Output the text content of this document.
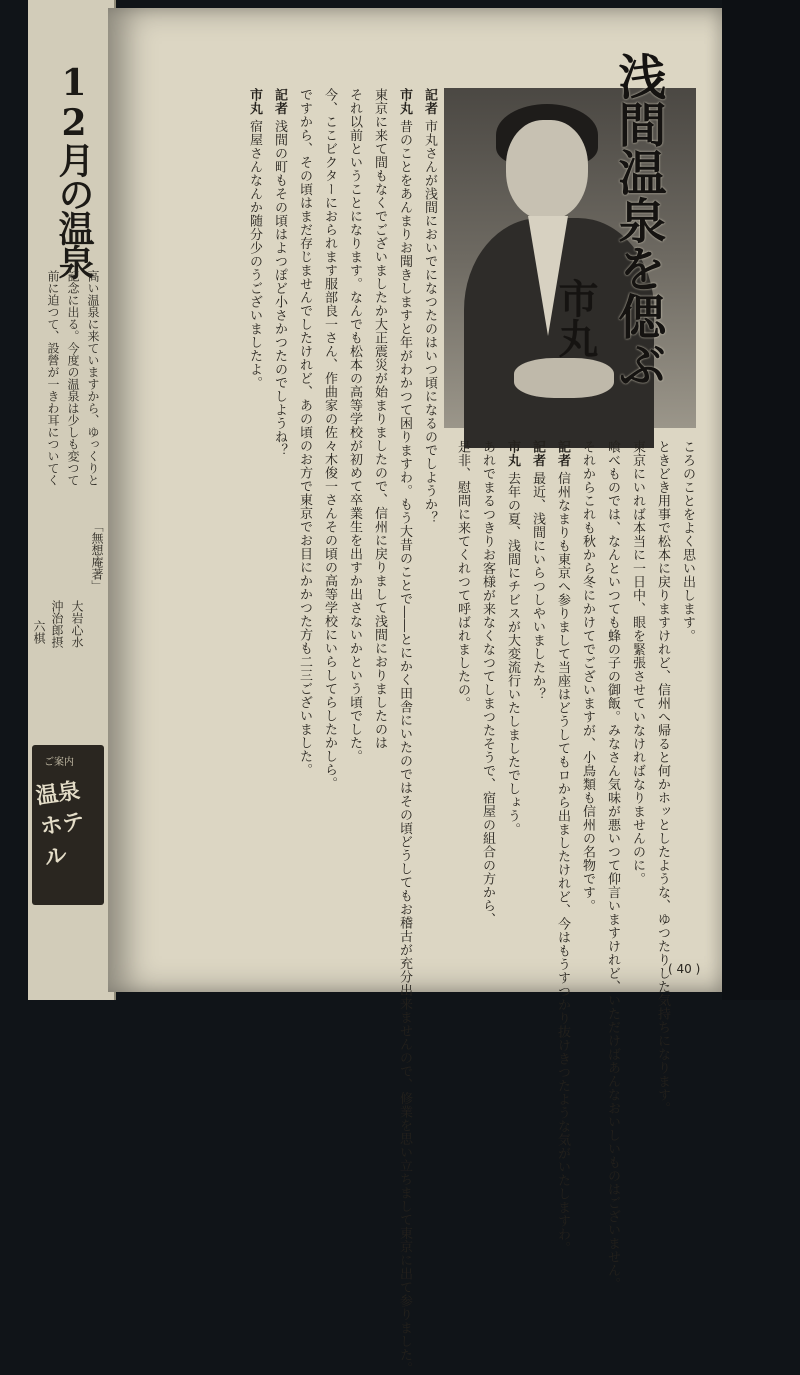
12月の温泉
高い温泉に来ていますから、ゆっくりと
記念に出る。今度の温泉は少しも変つて
前に迫つて、設營が一きわ耳についてく
「無想庵著」
大岩心水
沖治郎摂
六棋
ご案内
温泉ホテル
浅間温泉を偲ぶ
市丸
記者 市丸さんが浅間においでになつたのはいつ頃になるのでしようか？
市丸 昔のことをあんまりお聞きしますと年がわかつて困りますわ。もう大昔のことで――とにかく田舎にいたのではその頃どうしてもお稽古が充分出来ませんので、修業を思い立ちまして東京に出て参りました。
東京に来て間もなくでございましたか大正震災が始まりましたので、信州に戻りまして浅間におりましたのは
それ以前ということになります。なんでも松本の高等学校が初めて卒業生を出すか出さないかという頃でした。
今、ここビクターにおられます服部良一さん、作曲家の佐々木俊一さんその頃の高等学校にいらしてらしたかしら。
ですから、その頃はまだ存じませんでしたけれど、あの頃のお方で東京でお目にかかつた方も二三ございました。
記者 浅間の町もその頃はよつぽど小さかつたのでしようね？
市丸 宿屋さんなんか随分少のうございましたよ。
ころのことをよく思い出します。
ときどき用事で松本に戻りますけれど、信州へ帰ると何かホッとしたような、ゆつたりした気持ちになります。
東京にいれば本当に一日中、眼を緊張させていなければなりませんのに。
喰べものでは、なんといつても蜂の子の御飯。みなさん気味が悪いつて仰言いますけれど、いただけばあんなおいしいものはございません。
それからこれも秋から冬にかけてでございますが、小鳥類も信州の名物です。
記者 信州なまりも東京へ参りまして当座はどうしてもロから出ましたけれど、今はもうすつかり抜けきつたような気がいたしますわ。
記者 最近、浅間にいらつしやいましたか？
市丸 去年の夏、浅間にチビスが大変流行いたしましたでしょう。
あれでまるつきりお客様が来なくなつてしまつたそうで、宿屋の組合の方から、
是非、慰問に来てくれつて呼ばれましたの。
( 40 )
